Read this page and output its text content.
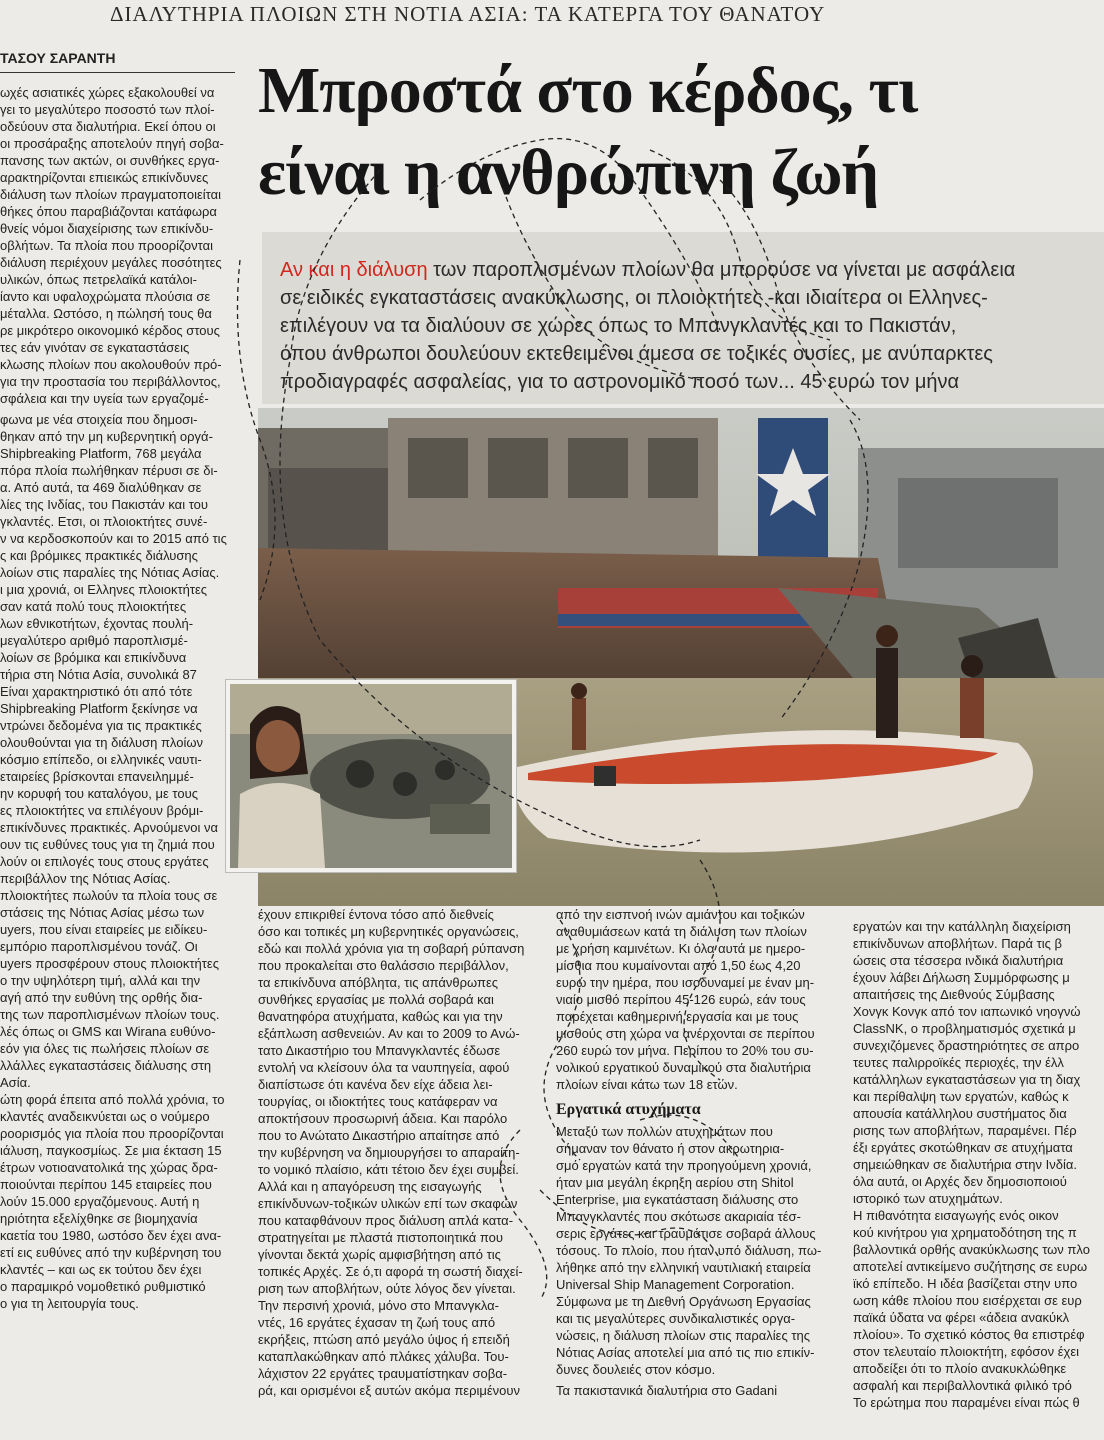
ΔΙΑΛΥΤΗΡΙΑ ΠΛΟΙΩΝ ΣΤΗ ΝΟΤΙΑ ΑΣΙΑ: ΤΑ ΚΑΤΕΡΓΑ ΤΟΥ ΘΑΝΑΤΟΥ
ΤΑΣΟΥ ΣΑΡΑΝΤΗ	Μπροστά στο κέρδος, τι
είναι η ανθρώπινη ζωή
Αν και η διάλυση των παροπλισμένων πλοίων θα μπορούσε να γίνεται με ασφάλεια
σε ειδικές εγκαταστάσεις ανακύκλωσης, οι πλοιοκτήτες -και ιδιαίτερα οι Ελληνες-
επιλέγουν να τα διαλύουν σε χώρες όπως το Μπανγκλαντές και το Πακιστάν,
όπου άνθρωποι δουλεύουν εκτεθειμένοι άμεσα σε τοξικές ουσίες, με ανύπαρκτες
προδιαγραφές ασφαλείας, για το αστρονομικό ποσό των... 45 ευρώ τον μήνα
ωχές ασιατικές χώρες εξακολουθεί να
γει το μεγαλύτερο ποσοστό των πλοί-
οδεύουν στα διαλυτήρια. Εκεί όπου οι
οι προσάραξης αποτελούν πηγή σοβα-
πανσης των ακτών, οι συνθήκες εργα-
αρακτηρίζονται επιεικώς επικίνδυνες
διάλυση των πλοίων πραγματοποιείται
θήκες όπου παραβιάζονται κατάφωρα
θνείς νόμοι διαχείρισης των επικίνδυ-
οβλήτων. Τα πλοία που προορίζονται
διάλυση περιέχουν μεγάλες ποσότητες
υλικών, όπως πετρελαϊκά κατάλοι-
ίαντο και υφαλοχρώματα πλούσια σε
μέταλλα. Ωστόσο, η πώλησή τους θα
ρε μικρότερο οικονομικό κέρδος στους
τες εάν γινόταν σε εγκαταστάσεις
κλωσης πλοίων που ακολουθούν πρό-
για την προστασία του περιβάλλοντος,
σφάλεια και την υγεία των εργαζομέ-
φωνα με νέα στοιχεία που δημοσι-
θηκαν από την μη κυβερνητική οργά-
Shipbreaking Platform, 768 μεγάλα
πόρα πλοία πωλήθηκαν πέρυσι σε δι-
α. Από αυτά, τα 469 διαλύθηκαν σε
λίες της Ινδίας, του Πακιστάν και του
γκλαντές. Ετσι, οι πλοιοκτήτες συνέ-
ν να κερδοσκοπούν και το 2015 από τις
ς και βρόμικες πρακτικές διάλυσης
λοίων στις παραλίες της Νότιας Ασίας.
ι μια χρονιά, οι Ελληνες πλοιοκτήτες
σαν κατά πολύ τους πλοιοκτήτες
λων εθνικοτήτων, έχοντας πουλή-
μεγαλύτερο αριθμό παροπλισμέ-
λοίων σε βρόμικα και επικίνδυνα
τήρια στη Νότια Ασία, συνολικά 87
Είναι χαρακτηριστικό ότι από τότε
Shipbreaking Platform ξεκίνησε να
ντρώνει δεδομένα για τις πρακτικές
ολουθούνται για τη διάλυση πλοίων
κόσμιο επίπεδο, οι ελληνικές ναυτι-
εταιρείες βρίσκονται επανειλημμέ-
ην κορυφή του καταλόγου, με τους
ες πλοιοκτήτες να επιλέγουν βρόμι-
επικίνδυνες πρακτικές. Αρνούμενοι να
ουν τις ευθύνες τους για τη ζημιά που
λούν οι επιλογές τους στους εργάτες
περιβάλλον της Νότιας Ασίας.
πλοιοκτήτες πωλούν τα πλοία τους σε
στάσεις της Νότιας Ασίας μέσω των
uyers, που είναι εταιρείες με ειδίκευ-
εμπόριο παροπλισμένου τονάζ. Οι
uyers προσφέρουν στους πλοιοκτήτες
ο την υψηλότερη τιμή, αλλά και την
αγή από την ευθύνη της ορθής δια-
της των παροπλισμένων πλοίων τους.
λές όπως οι GMS και Wirana ευθύνο-
εόν για όλες τις πωλήσεις πλοίων σε
λλάλλες εγκαταστάσεις διάλυσης στη
Ασία.
ώτη φορά έπειτα από πολλά χρόνια, το
κλαντές αναδεικνύεται ως ο νούμερο
ροορισμός για πλοία που προορίζονται
ιάλυση, παγκοσμίως. Σε μια έκταση 15
έτρων νοτιοανατολικά της χώρας δρα-
ποιούνται περίπου 145 εταιρείες που
λούν 15.000 εργαζόμενους. Αυτή η
ηριότητα εξελίχθηκε σε βιομηχανία
καετία του 1980, ωστόσο δεν έχει ανα-
ετί εις ευθύνες από την κυβέρνηση του
κλαντές – και ως εκ τούτου δεν έχει
ο παραμικρό νομοθετικό ρυθμιστικό
ο για τη λειτουργία τους.
έχουν επικριθεί έντονα τόσο από διεθνείς
όσο και τοπικές μη κυβερνητικές οργανώσεις,
εδώ και πολλά χρόνια για τη σοβαρή ρύπανση
που προκαλείται στο θαλάσσιο περιβάλλον,
τα επικίνδυνα απόβλητα, τις απάνθρωπες
συνθήκες εργασίας με πολλά σοβαρά και
θανατηφόρα ατυχήματα, καθώς και για την
εξάπλωση ασθενειών. Αν και το 2009 το Ανώ-
τατο Δικαστήριο του Μπανγκλαντές έδωσε
εντολή να κλείσουν όλα τα ναυπηγεία, αφού
διαπίστωσε ότι κανένα δεν είχε άδεια λει-
τουργίας, οι ιδιοκτήτες τους κατάφεραν να
αποκτήσουν προσωρινή άδεια. Και παρόλο
που το Ανώτατο Δικαστήριο απαίτησε από
την κυβέρνηση να δημιουργήσει το απαραίτη-
το νομικό πλαίσιο, κάτι τέτοιο δεν έχει συμβεί.
Αλλά και η απαγόρευση της εισαγωγής
επικίνδυνων-τοξικών υλικών επί των σκαφών
που καταφθάνουν προς διάλυση απλά κατα-
στρατηγείται με πλαστά πιστοποιητικά που
γίνονται δεκτά χωρίς αμφισβήτηση από τις
τοπικές Αρχές. Σε ό,τι αφορά τη σωστή διαχεί-
ριση των αποβλήτων, ούτε λόγος δεν γίνεται.
Την περσινή χρονιά, μόνο στο Μπανγκλα-
ντές, 16 εργάτες έχασαν τη ζωή τους από
εκρήξεις, πτώση από μεγάλο ύψος ή επειδή
καταπλακώθηκαν από πλάκες χάλυβα. Του-
λάχιστον 22 εργάτες τραυματίστηκαν σοβα-
ρά, και ορισμένοι εξ αυτών ακόμα περιμένουν
από την εισπνοή ινών αμιάντου και τοξικών
αναθυμιάσεων κατά τη διάλυση των πλοίων
με χρήση καμινέτων. Κι όλα αυτά με ημερο-
μίσθια που κυμαίνονται από 1,50 έως 4,20
ευρώ την ημέρα, που ισοδυναμεί με έναν μη-
νιαίο μισθό περίπου 45-126 ευρώ, εάν τους
παρέχεται καθημερινή εργασία και με τους
μισθούς στη χώρα να ανέρχονται σε περίπου
260 ευρώ τον μήνα. Περίπου το 20% του συ-
νολικού εργατικού δυναμικού στα διαλυτήρια
πλοίων είναι κάτω των 18 ετών.
Εργατικά ατυχήματα
Μεταξύ των πολλών ατυχημάτων που
σήμαναν τον θάνατο ή στον ακρωτηρια-
σμό εργατών κατά την προηγούμενη χρονιά,
ήταν μια μεγάλη έκρηξη αερίου στη Shitol
Enterprise, μια εγκατάσταση διάλυσης στο
Μπανγκλαντές που σκότωσε ακαριαία τέσ-
σερις εργάτες και τραυμάτισε σοβαρά άλλους
τόσους. Το πλοίο, που ήταν υπό διάλυση, πω-
λήθηκε από την ελληνική ναυτιλιακή εταιρεία
Universal Ship Management Corporation.
Σύμφωνα με τη Διεθνή Οργάνωση Εργασίας
και τις μεγαλύτερες συνδικαλιστικές οργα-
νώσεις, η διάλυση πλοίων στις παραλίες της
Νότιας Ασίας αποτελεί μια από τις πιο επικίν-
δυνες δουλειές στον κόσμο.
Τα πακιστανικά διαλυτήρια στο Gadani
εργατών και την κατάλληλη διαχείριση
επικίνδυνων αποβλήτων. Παρά τις β
ώσεις στα τέσσερα ινδικά διαλυτήρια
έχουν λάβει Δήλωση Συμμόρφωσης μ
απαιτήσεις της Διεθνούς Σύμβασης
Χονγκ Κονγκ από τον ιαπωνικό νηογνώ
ClassNK, ο προβληματισμός σχετικά μ
συνεχιζόμενες δραστηριότητες σε απρο
τευτες παλιρροϊκές περιοχές, την έλλ
κατάλληλων εγκαταστάσεων για τη διαχ
και περίθαλψη των εργατών, καθώς κ
απουσία κατάλληλου συστήματος δια
ρισης των αποβλήτων, παραμένει. Πέρ
έξι εργάτες σκοτώθηκαν σε ατυχήματα
σημειώθηκαν σε διαλυτήρια στην Ινδία.
όλα αυτά, οι Αρχές δεν δημοσιοποιού
ιστορικό των ατυχημάτων.
Η πιθανότητα εισαγωγής ενός οικον
κού κινήτρου για χρηματοδότηση της π
βαλλοντικά ορθής ανακύκλωσης των πλο
αποτελεί αντικείμενο συζήτησης σε ευρω
ϊκό επίπεδο. Η ιδέα βασίζεται στην υπο
ωση κάθε πλοίου που εισέρχεται σε ευρ
παϊκά ύδατα να φέρει «άδεια ανακύκλ
πλοίου». Το σχετικό κόστος θα επιστρέφ
στον τελευταίο πλοιοκτήτη, εφόσον έχει
αποδείξει ότι το πλοίο ανακυκλώθηκε
ασφαλή και περιβαλλοντικά φιλικό τρό
Το ερώτημα που παραμένει είναι πώς θ
